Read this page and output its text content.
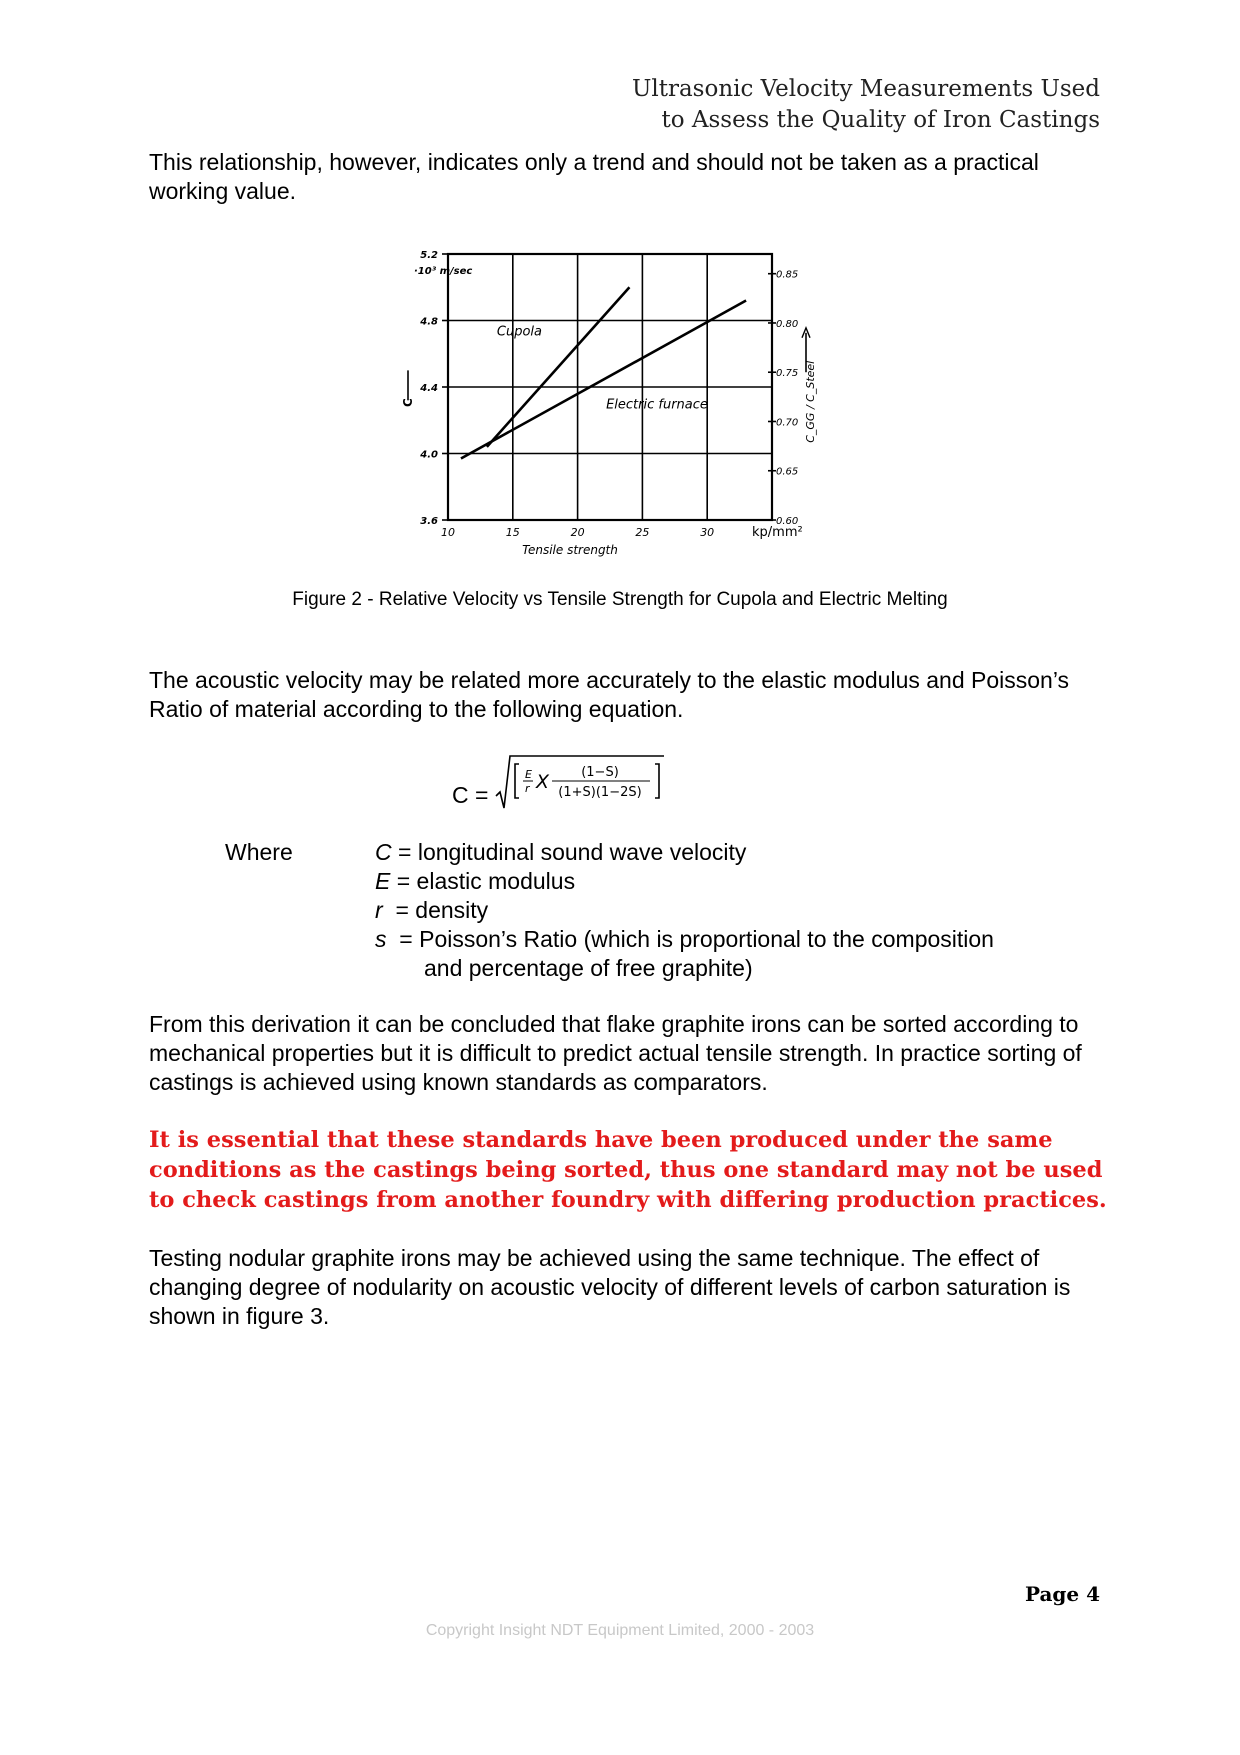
Ultrasonic Velocity Measurements Used
to Assess the Quality of Iron Castings

This relationship, however, indicates only a trend and should not be taken as a practical working value.

10	15	20	25	30
3.6
4.0
4.4
4.8
5.2
0.60
0.65
0.70
0.75
0.80
0.85
Cupola
Electric furnace
·10³ m/sec
C
kp/mm²
Tensile strength
C_GG / C_Steel
Figure 2 - Relative Velocity vs Tensile Strength for Cupola and Electric Melting

The acoustic velocity may be related more accurately to the elastic modulus and Poisson’s Ratio of material according to the following equation.

C =
E
r X (1−S)
(1+S)(1−2S)
Where	C = longitudinal sound wave velocity
E = elastic modulus
r  = density
s  = Poisson’s Ratio (which is proportional to the composition
and percentage of free graphite)

From this derivation it can be concluded that flake graphite irons can be sorted according to mechanical properties but it is difficult to predict actual tensile strength. In practice sorting of castings is achieved using known standards as comparators.

It is essential that these standards have been produced under the same conditions as the castings being sorted, thus one standard may not be used to check castings from another foundry with differing production practices.

Testing nodular graphite irons may be achieved using the same technique. The effect of changing degree of nodularity on acoustic velocity of different levels of carbon saturation is shown in figure 3.

Page 4
Copyright Insight NDT Equipment Limited, 2000 - 2003
